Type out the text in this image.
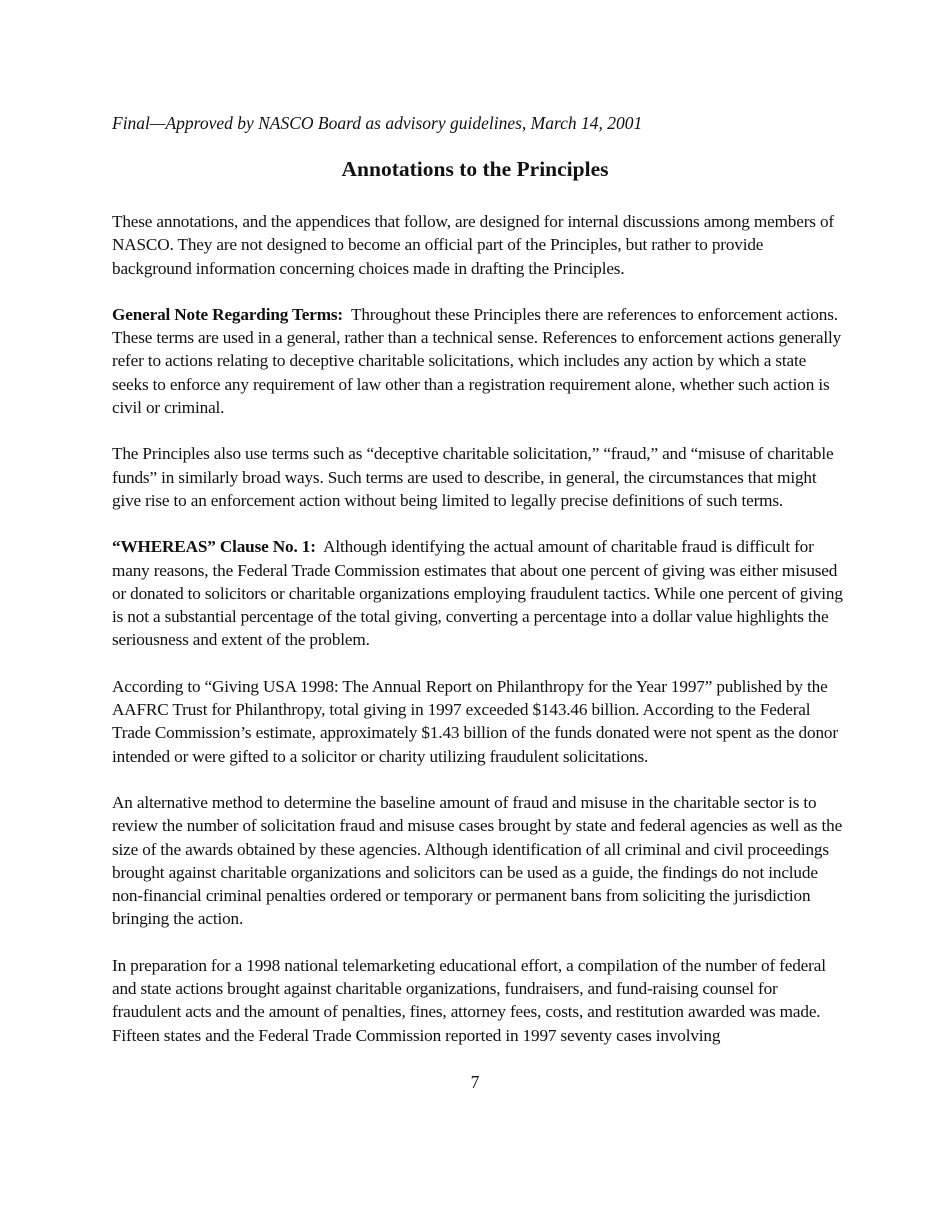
Final—Approved by NASCO Board as advisory guidelines, March 14, 2001
Annotations to the Principles

These annotations, and the appendices that follow, are designed for internal discussions among members of NASCO. They are not designed to become an official part of the Principles, but rather to provide background information concerning choices made in drafting the Principles.

General Note Regarding Terms: Throughout these Principles there are references to enforcement actions. These terms are used in a general, rather than a technical sense. References to enforcement actions generally refer to actions relating to deceptive charitable solicitations, which includes any action by which a state seeks to enforce any requirement of law other than a registration requirement alone, whether such action is civil or criminal.

The Principles also use terms such as “deceptive charitable solicitation,” “fraud,” and “misuse of charitable funds” in similarly broad ways. Such terms are used to describe, in general, the circumstances that might give rise to an enforcement action without being limited to legally precise definitions of such terms.

“WHEREAS” Clause No. 1: Although identifying the actual amount of charitable fraud is difficult for many reasons, the Federal Trade Commission estimates that about one percent of giving was either misused or donated to solicitors or charitable organizations employing fraudulent tactics. While one percent of giving is not a substantial percentage of the total giving, converting a percentage into a dollar value highlights the seriousness and extent of the problem.

According to “Giving USA 1998: The Annual Report on Philanthropy for the Year 1997” published by the AAFRC Trust for Philanthropy, total giving in 1997 exceeded $143.46 billion. According to the Federal Trade Commission’s estimate, approximately $1.43 billion of the funds donated were not spent as the donor intended or were gifted to a solicitor or charity utilizing fraudulent solicitations.

An alternative method to determine the baseline amount of fraud and misuse in the charitable sector is to review the number of solicitation fraud and misuse cases brought by state and federal agencies as well as the size of the awards obtained by these agencies. Although identification of all criminal and civil proceedings brought against charitable organizations and solicitors can be used as a guide, the findings do not include non-financial criminal penalties ordered or temporary or permanent bans from soliciting the jurisdiction bringing the action.

In preparation for a 1998 national telemarketing educational effort, a compilation of the number of federal and state actions brought against charitable organizations, fundraisers, and fund-raising counsel for fraudulent acts and the amount of penalties, fines, attorney fees, costs, and restitution awarded was made. Fifteen states and the Federal Trade Commission reported in 1997 seventy cases involving

7
